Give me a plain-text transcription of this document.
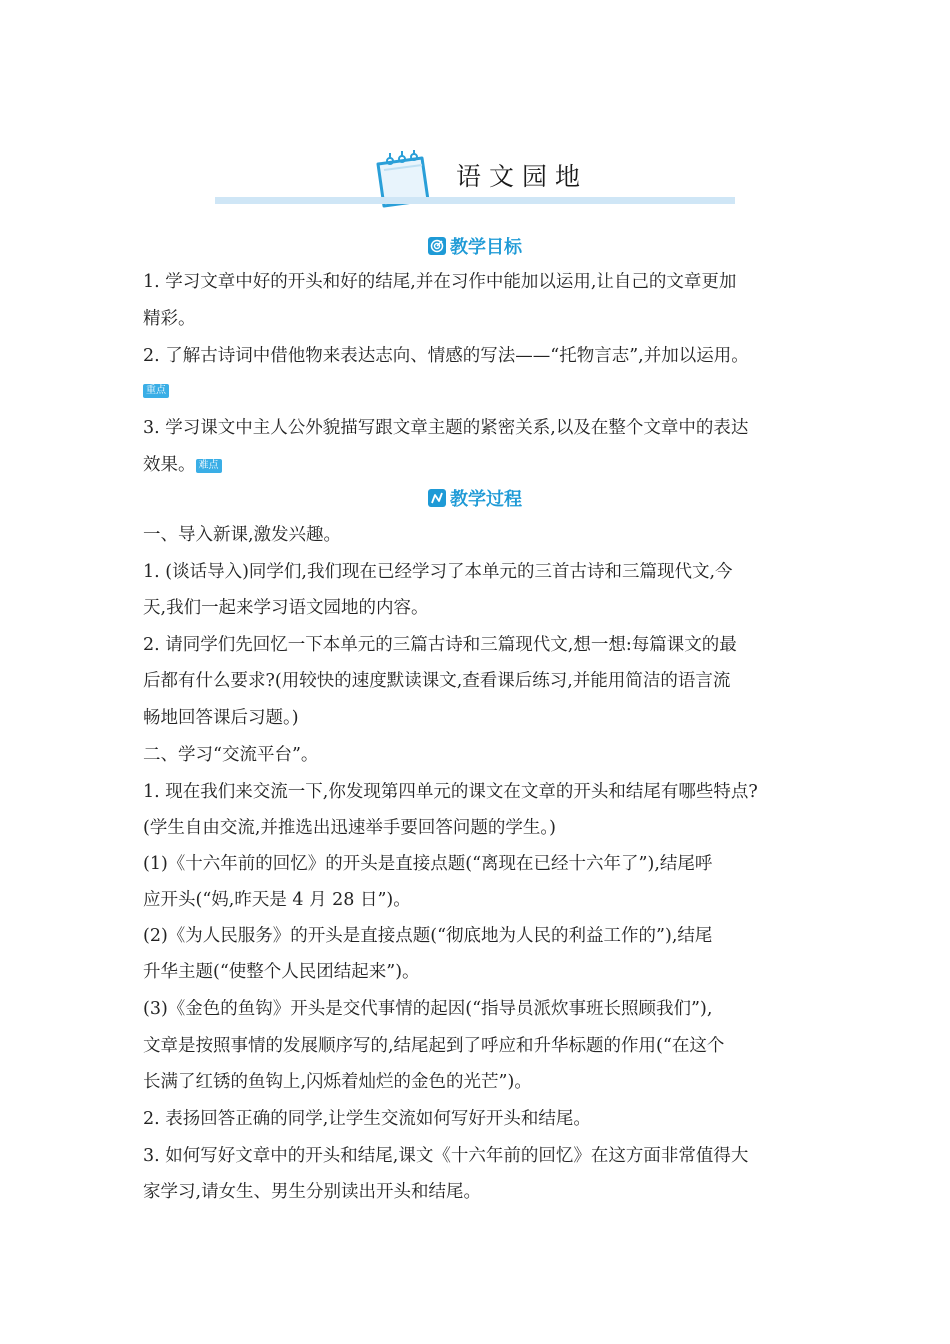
语文园地
教学目标
1. 学习文章中好的开头和好的结尾,并在习作中能加以运用,让自己的文章更加
精彩。
2. 了解古诗词中借他物来表达志向、情感的写法——“托物言志”,并加以运用。
重点
3. 学习课文中主人公外貌描写跟文章主题的紧密关系,以及在整个文章中的表达
效果。 难点
教学过程
一、导入新课,激发兴趣。
1. (谈话导入)同学们,我们现在已经学习了本单元的三首古诗和三篇现代文,今
天,我们一起来学习语文园地的内容。
2. 请同学们先回忆一下本单元的三篇古诗和三篇现代文,想一想:每篇课文的最
后都有什么要求?(用较快的速度默读课文,查看课后练习,并能用简洁的语言流
畅地回答课后习题。)
二、学习“交流平台”。
1. 现在我们来交流一下,你发现第四单元的课文在文章的开头和结尾有哪些特点?
(学生自由交流,并推选出迅速举手要回答问题的学生。)
(1)《十六年前的回忆》的开头是直接点题(“离现在已经十六年了”),结尾呼
应开头(“妈,昨天是 4 月 28 日”)。
(2)《为人民服务》的开头是直接点题(“彻底地为人民的利益工作的”),结尾
升华主题(“使整个人民团结起来”)。
(3)《金色的鱼钩》开头是交代事情的起因(“指导员派炊事班长照顾我们”),
文章是按照事情的发展顺序写的,结尾起到了呼应和升华标题的作用(“在这个
长满了红锈的鱼钩上,闪烁着灿烂的金色的光芒”)。
2. 表扬回答正确的同学,让学生交流如何写好开头和结尾。
3. 如何写好文章中的开头和结尾,课文《十六年前的回忆》在这方面非常值得大
家学习,请女生、男生分别读出开头和结尾。
